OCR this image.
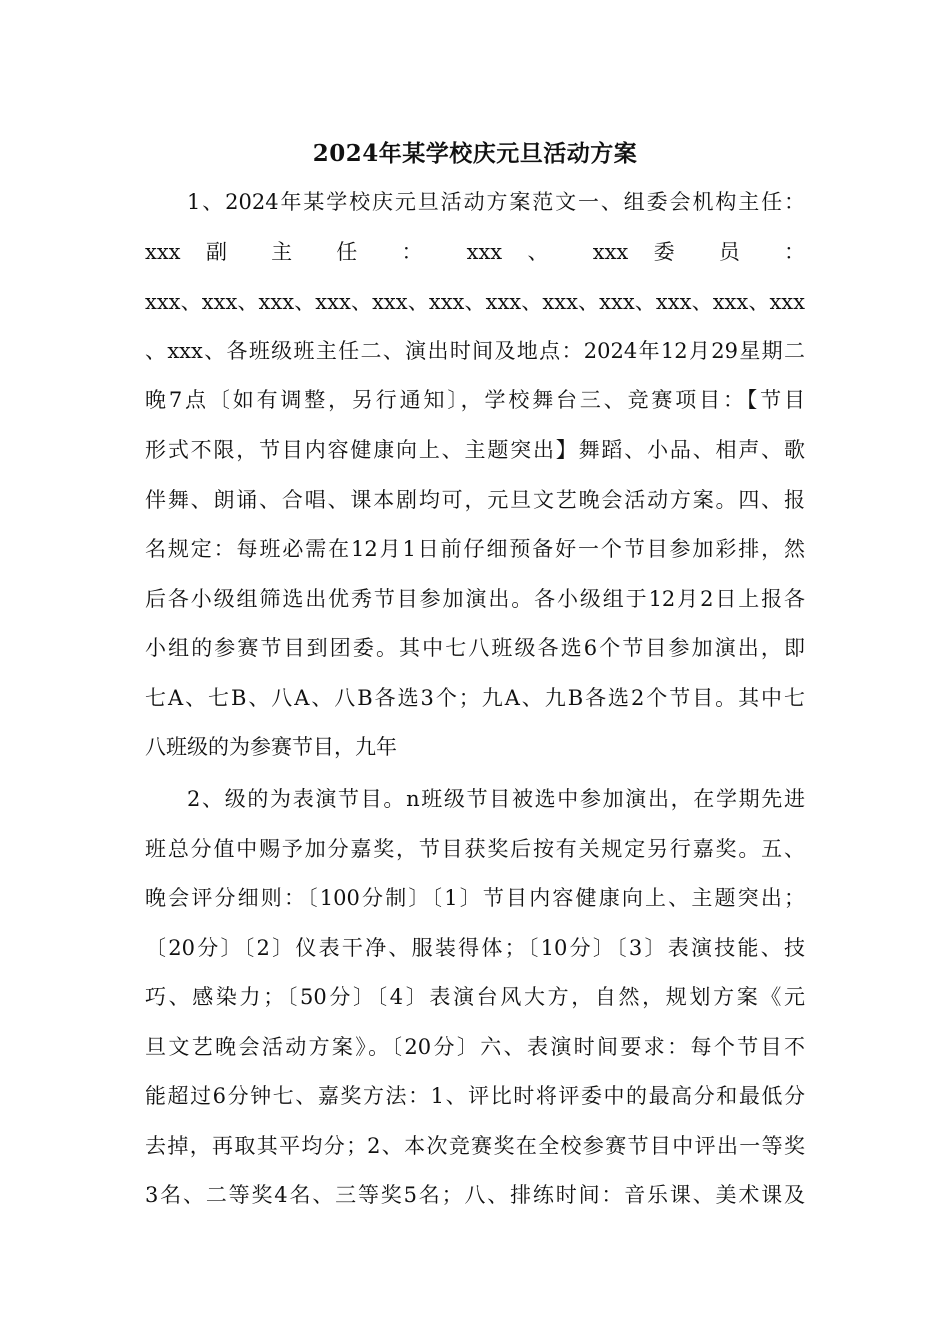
2024年某学校庆元旦活动方案
1、2024年某学校庆元旦活动方案范文一、组委会机构主任：
xxx 副 主 任 ： xxx 、 xxx 委 员 ：
xxx、xxx、xxx、xxx、xxx、xxx、xxx、xxx、xxx、xxx、xxx、xxx
、xxx、各班级班主任二、演出时间及地点：2024年12月29星期二
晚7点〔如有调整，另行通知〕，学校舞台三、竞赛项目：【节目
形式不限，节目内容健康向上、主题突出】舞蹈、小品、相声、歌
伴舞、朗诵、合唱、课本剧均可，元旦文艺晚会活动方案。四、报
名规定：每班必需在12月1日前仔细预备好一个节目参加彩排，然
后各小级组筛选出优秀节目参加演出。各小级组于12月2日上报各
小组的参赛节目到团委。其中七八班级各选6个节目参加演出，即
七A、七B、八A、八B各选3个；九A、九B各选2个节目。其中七
八班级的为参赛节目，九年
2、级的为表演节目。n班级节目被选中参加演出，在学期先进
班总分值中赐予加分嘉奖，节目获奖后按有关规定另行嘉奖。五、
晚会评分细则：〔100分制〕〔1〕节目内容健康向上、主题突出；
〔20分〕〔2〕仪表干净、服装得体；〔10分〕〔3〕表演技能、技
巧、感染力；〔50分〕〔4〕表演台风大方，自然，规划方案《元
旦文艺晚会活动方案》。〔20分〕六、表演时间要求：每个节目不
能超过6分钟七、嘉奖方法：1、评比时将评委中的最高分和最低分
去掉，再取其平均分；2、本次竞赛奖在全校参赛节目中评出一等奖
3名、二等奖4名、三等奖5名；八、排练时间：音乐课、美术课及
